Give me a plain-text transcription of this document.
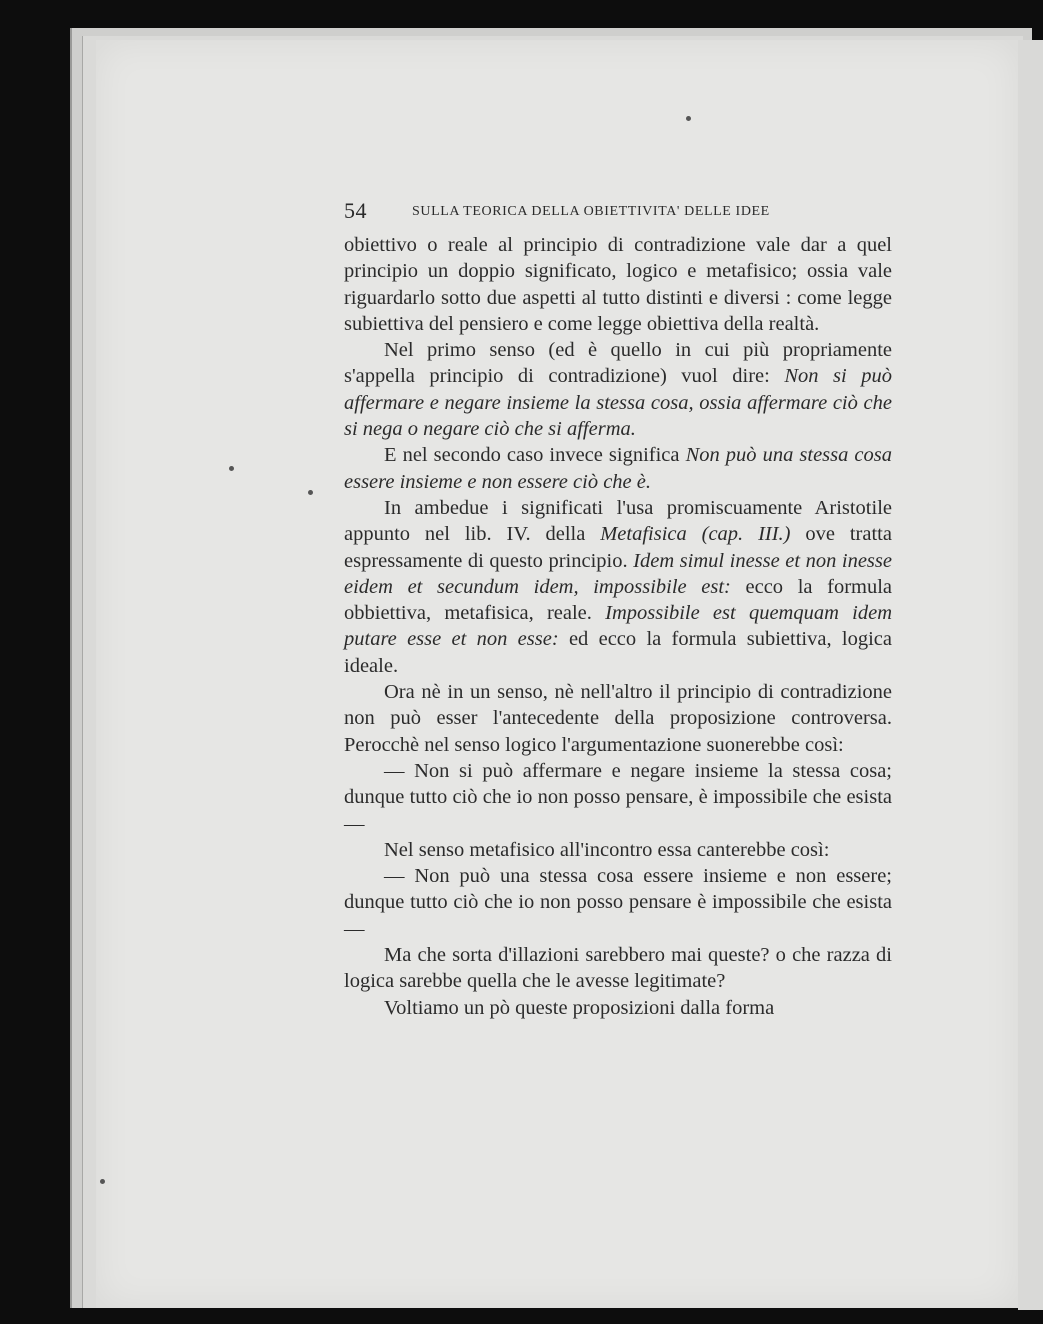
54	SULLA TEORICA DELLA OBIETTIVITA' DELLE IDEE

obiettivo o reale al principio di contradizione vale dar a quel principio un doppio significato, logico e metafisico; ossia vale riguardarlo sotto due aspetti al tutto distinti e diversi : come legge subiettiva del pensiero e come legge obiettiva della realtà.

Nel primo senso (ed è quello in cui più propriamente s'appella principio di contradizione) vuol dire: Non si può affermare e negare insieme la stessa cosa, ossia affermare ciò che si nega o negare ciò che si afferma.

E nel secondo caso invece significa Non può una stessa cosa essere insieme e non essere ciò che è.

In ambedue i significati l'usa promiscuamente Aristotile appunto nel lib. IV. della Metafisica (cap. III.) ove tratta espressamente di questo principio. Idem simul inesse et non inesse eidem et secundum idem, impossibile est: ecco la formula obbiettiva, metafisica, reale. Impossibile est quemquam idem putare esse et non esse: ed ecco la formula subiettiva, logica ideale.

Ora nè in un senso, nè nell'altro il principio di contradizione non può esser l'antecedente della proposizione controversa. Perocchè nel senso logico l'argumentazione suonerebbe così:

— Non si può affermare e negare insieme la stessa cosa; dunque tutto ciò che io non posso pensare, è impossibile che esista —

Nel senso metafisico all'incontro essa canterebbe così:

— Non può una stessa cosa essere insieme e non essere; dunque tutto ciò che io non posso pensare è impossibile che esista —

Ma che sorta d'illazioni sarebbero mai queste? o che razza di logica sarebbe quella che le avesse legitimate?

Voltiamo un pò queste proposizioni dalla forma
